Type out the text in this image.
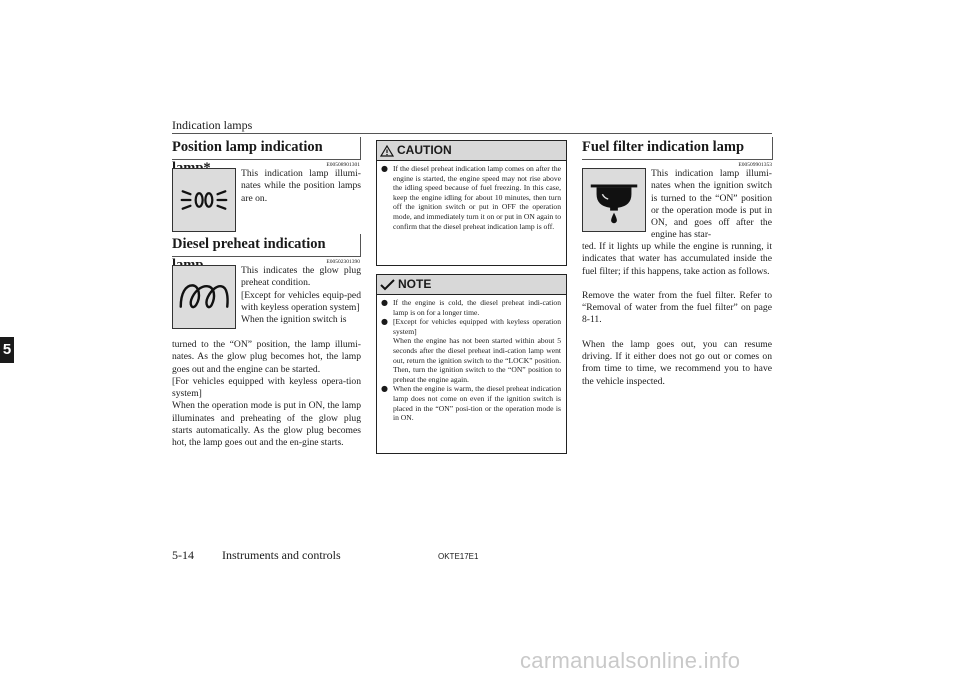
Indication lamps
5
Position lamp indication
E00508901301
This indication lamp illumi-nates while the position lamps are on.
Diesel preheat indication
E00502301390

This indicates the glow plug preheat condition.

[Except for vehicles equip-ped with keyless operation system]

When the ignition switch is

turned to the “ON” position, the lamp illumi-nates. As the glow plug becomes hot, the lamp goes out and the engine can be started.

[For vehicles equipped with keyless opera-tion system]

When the operation mode is put in ON, the lamp illuminates and preheating of the glow plug starts automatically. As the glow plug becomes hot, the lamp goes out and the en-gine starts.

CAUTION
● If the diesel preheat indication lamp comes on after the engine is started, the engine speed may not rise above the idling speed because of fuel freezing. In this case, keep the engine idling for about 10 minutes, then turn off the ignition switch or put in OFF the operation mode, and immediately turn it on or put in ON again to confirm that the diesel preheat indication lamp is off.
NOTE
● If the engine is cold, the diesel preheat indi-cation lamp is on for a longer time.
● [Except for vehicles equipped with keyless operation system]
When the engine has not been started within about 5 seconds after the diesel preheat indi-cation lamp went out, return the ignition switch to the “LOCK” position. Then, turn the ignition switch to the “ON” position to preheat the engine again.
● When the engine is warm, the diesel preheat indication lamp does not come on even if the ignition switch is placed in the “ON” posi-tion or the operation mode is in ON.
Fuel filter indication lamp
E00509901353
This indication lamp illumi-nates when the ignition switch is turned to the “ON” position or the operation mode is put in ON, and goes off after the engine has star-

ted. If it lights up while the engine is running, it indicates that water has accumulated inside the fuel filter; if this happens, take action as follows.

Remove the water from the fuel filter. Refer to “Removal of water from the fuel filter” on page 8-11.

When the lamp goes out, you can resume driving. If it either does not go out or comes on from time to time, we recommend you to have the vehicle inspected.

5-14 Instruments and controls	OKTE17E1
carmanualsonline.info
